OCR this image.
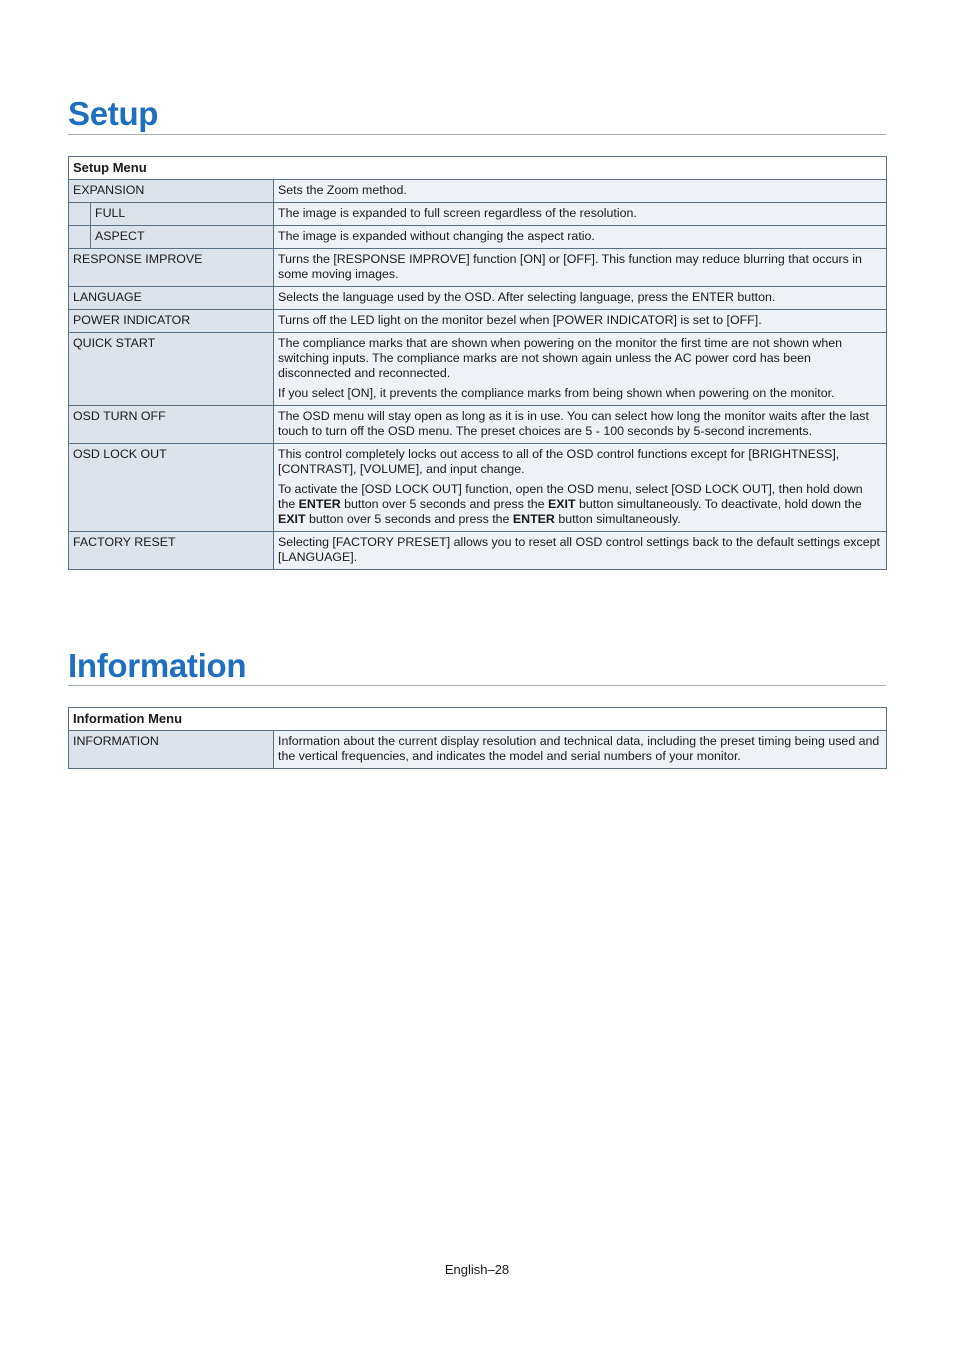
Setup
Setup Menu		
EXPANSION		Sets the Zoom method.
	FULL	The image is expanded to full screen regardless of the resolution.
	ASPECT	The image is expanded without changing the aspect ratio.
RESPONSE IMPROVE		Turns the [RESPONSE IMPROVE] function [ON] or [OFF]. This function may reduce blurring that occurs in some moving images.
LANGUAGE		Selects the language used by the OSD. After selecting language, press the ENTER button.
POWER INDICATOR		Turns off the LED light on the monitor bezel when [POWER INDICATOR] is set to [OFF].
QUICK START		The compliance marks that are shown when powering on the monitor the first time are not shown when switching inputs. The compliance marks are not shown again unless the AC power cord has been disconnected and reconnected.

If you select [ON], it prevents the compliance marks from being shown when powering on the monitor.

OSD TURN OFF		The OSD menu will stay open as long as it is in use. You can select how long the monitor waits after the last touch to turn off the OSD menu. The preset choices are 5 - 100 seconds by 5-second increments.
OSD LOCK OUT		This control completely locks out access to all of the OSD control functions except for [BRIGHTNESS], [CONTRAST], [VOLUME], and input change.

To activate the [OSD LOCK OUT] function, open the OSD menu, select [OSD LOCK OUT], then hold down the ENTER button over 5 seconds and press the EXIT button simultaneously. To deactivate, hold down the EXIT button over 5 seconds and press the ENTER button simultaneously.

FACTORY RESET		Selecting [FACTORY PRESET] allows you to reset all OSD control settings back to the default settings except [LANGUAGE].
Information
Information Menu
INFORMATION	Information about the current display resolution and technical data, including the preset timing being used and the vertical frequencies, and indicates the model and serial numbers of your monitor.
English–28
